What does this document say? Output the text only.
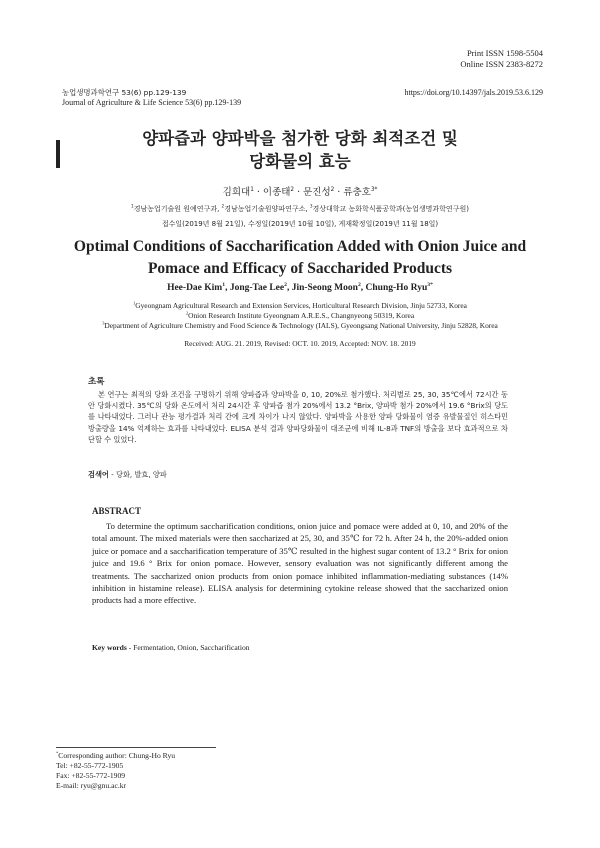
Print ISSN 1598-5504
Online ISSN 2383-8272
농업생명과학연구 53(6) pp.129-139
Journal of Agriculture & Life Science 53(6) pp.129-139
https://doi.org/10.14397/jals.2019.53.6.129
양파즙과 양파박을 첨가한 당화 최적조건 및
당화물의 효능
김희대$^1$ · 이종태$^2$ · 문진성$^2$ · 류충호$^{3*}$
$^1$경남농업기술원 원예연구과, $^2$경남농업기술원양파연구소, $^3$경상대학교 농화학식품공학과(농업생명과학연구원)
접수일(2019년 8월 21일), 수정일(2019년 10월 10일), 게재확정일(2019년 11월 18일)
Optimal Conditions of Saccharification Added with Onion Juice and
Pomace and Efficacy of Saccharided Products
Hee-Dae Kim$^1$, Jong-Tae Lee$^2$, Jin-Seong Moon$^2$, Chung-Ho Ryu$^{3*}$
$^1$Gyeongnam Agricultural Research and Extension Services, Horticultural Research Division, Jinju 52733, Korea
$^2$Onion Research Institute Gyeongnam A.R.E.S., Changnyeong 50319, Korea
$^3$Department of Agriculture Chemistry and Food Science & Technology (IALS), Gyeongsang National University, Jinju 52828, Korea
Received: AUG. 21. 2019, Revised: OCT. 10. 2019, Accepted: NOV. 18. 2019
초록
본 연구는 최적의 당화 조건을 구명하기 위해 양파즙과 양파박을 0, 10, 20%로 첨가했다. 처리별로 25, 30, 35℃에서 72시간 동안 당화시켰다. 35℃의 당화 온도에서 처리 24시간 후 양파즙 첨가 20%에서 13.2 °Brix, 양파박 첨가 20%에서 19.6 °Brix의 당도를 나타내었다. 그러나 관능 평가결과 처리 간에 크게 차이가 나지 않았다. 양파박을 사용한 양파 당화물이 염증 유발물질인 히스타민 방출량을 14% 억제하는 효과를 나타내었다. ELISA 분석 결과 양파당화물이 대조군에 비해 IL-8과 TNF의 방출을 보다 효과적으로 차단할 수 있었다.
검색어 - 당화, 발효, 양파
ABSTRACT
To determine the optimum saccharification conditions, onion juice and pomace were added at 0, 10, and 20% of the total amount. The mixed materials were then saccharized at 25, 30, and 35℃ for 72 h. After 24 h, the 20%-added onion juice or pomace and a saccharification temperature of 35℃ resulted in the highest sugar content of 13.2 ° Brix for onion juice and 19.6 ° Brix for onion pomace. However, sensory evaluation was not significantly different among the treatments. The saccharized onion products from onion pomace inhibited inflammation-mediating substances (14% inhibition in histamine release). ELISA analysis for determining cytokine release showed that the saccharized onion products had a more effective.
Key words - Fermentation, Onion, Saccharification
*Corresponding author: Chung-Ho Ryu
Tel: +82-55-772-1905
Fax: +82-55-772-1909
E-mail: ryu@gnu.ac.kr
